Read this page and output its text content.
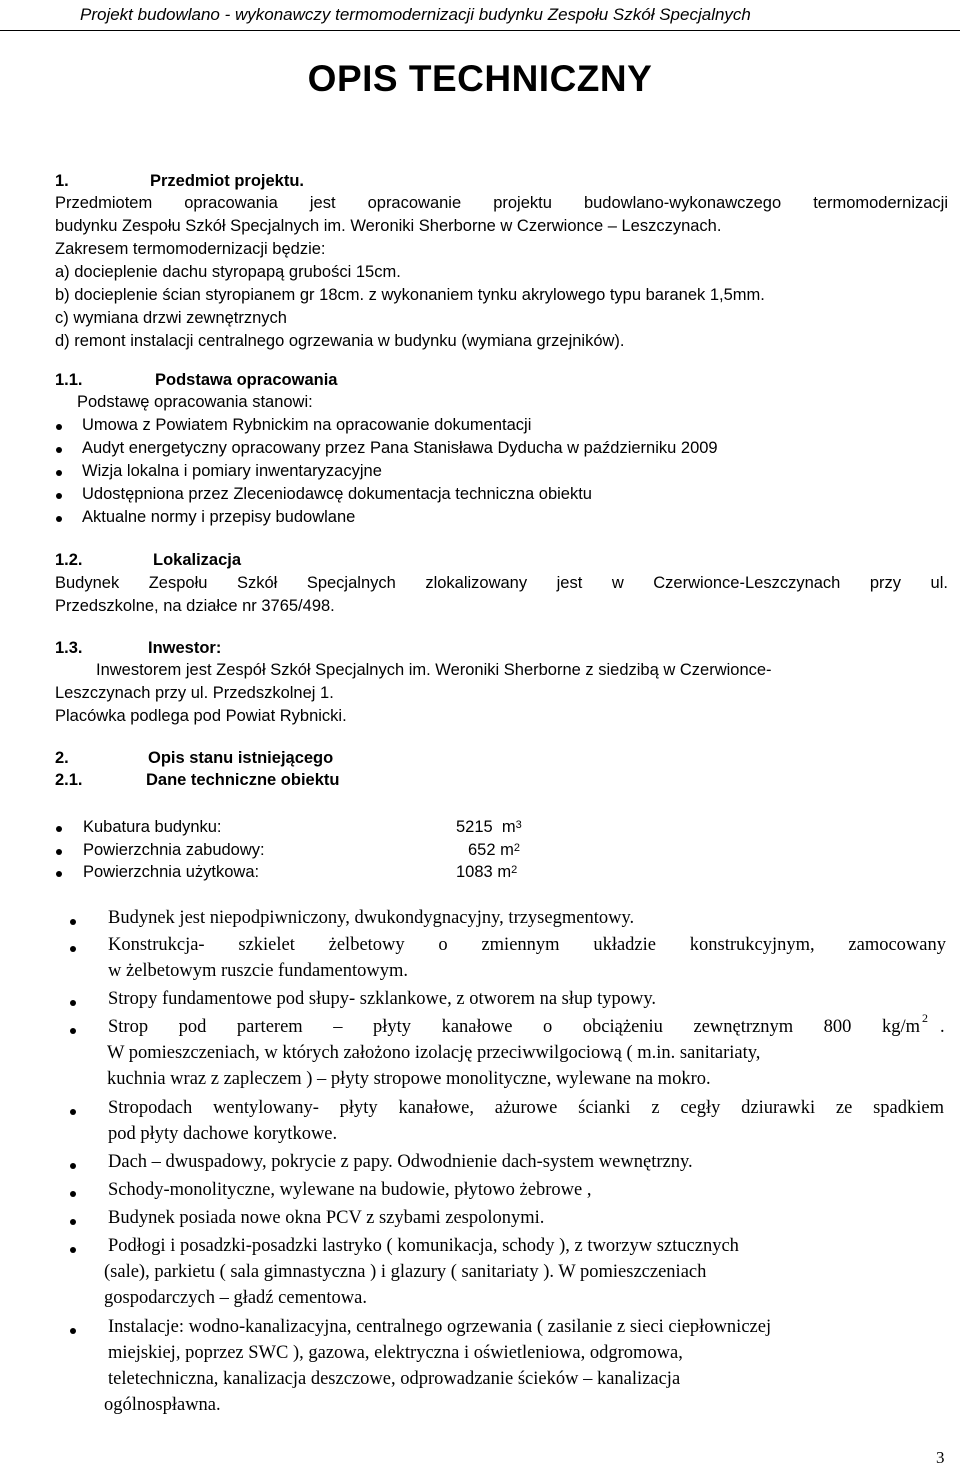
Projekt budowlano - wykonawczy termomodernizacji budynku Zespołu Szkół Specjalnych
OPIS TECHNICZNY
1.	Przedmiot projektu.
Przedmiotem opracowania jest opracowanie projektu budowlano-wykonawczego termomodernizacji
budynku Zespołu Szkół Specjalnych im. Weroniki Sherborne w Czerwionce – Leszczynach.
Zakresem termomodernizacji będzie:
a) docieplenie dachu styropapą grubości 15cm.
b) docieplenie ścian styropianem gr 18cm. z wykonaniem tynku akrylowego typu baranek 1,5mm.
c) wymiana drzwi zewnętrznych
d) remont instalacji centralnego ogrzewania w budynku (wymiana grzejników).
1.1.	Podstawa opracowania
Podstawę opracowania stanowi:
Umowa z Powiatem Rybnickim na opracowanie dokumentacji
Audyt energetyczny opracowany przez Pana Stanisława Dyducha w październiku 2009
Wizja lokalna i pomiary inwentaryzacyjne
Udostępniona przez Zleceniodawcę dokumentacja techniczna obiektu
Aktualne normy i przepisy budowlane
1.2.	Lokalizacja
Budynek Zespołu Szkół Specjalnych zlokalizowany jest w Czerwionce-Leszczynach przy ul.
Przedszkolne, na działce nr 3765/498.
1.3.	Inwestor:
Inwestorem jest Zespół Szkół Specjalnych im. Weroniki Sherborne z siedzibą w Czerwionce-
Leszczynach przy ul. Przedszkolnej 1.
Placówka podlega pod Powiat Rybnicki.
2.	Opis stanu istniejącego
2.1.	Dane techniczne obiektu
Kubatura budynku:	5215 $m^3$
Powierzchnia zabudowy:	652 $m^2$
Powierzchnia użytkowa:	1083 $m^2$
Budynek jest niepodpiwniczony, dwukondygnacyjny, trzysegmentowy.
Konstrukcja- szkielet żelbetowy o zmiennym układzie konstrukcyjnym, zamocowany
w żelbetowym ruszcie fundamentowym.
Stropy fundamentowe pod słupy- szklankowe, z otworem na słup typowy.
Strop pod parterem – płyty kanałowe o obciążeniu zewnętrznym 800 kg/m 2 .
W pomieszczeniach, w których założono izolację przeciwwilgociową ( m.in. sanitariaty,
kuchnia wraz z zapleczem ) – płyty stropowe monolityczne, wylewane na mokro.
Stropodach wentylowany- płyty kanałowe, ażurowe ścianki z cegły dziurawki ze spadkiem
pod płyty dachowe korytkowe.
Dach – dwuspadowy, pokrycie z papy. Odwodnienie dach-system wewnętrzny.
Schody-monolityczne, wylewane na budowie, płytowo żebrowe ,
Budynek posiada nowe okna PCV z szybami zespolonymi.
Podłogi i posadzki-posadzki lastryko ( komunikacja, schody ), z tworzyw sztucznych
(sale), parkietu ( sala gimnastyczna ) i glazury ( sanitariaty ). W pomieszczeniach
gospodarczych – gładź cementowa.
Instalacje: wodno-kanalizacyjna, centralnego ogrzewania ( zasilanie z sieci ciepłowniczej
miejskiej, poprzez SWC ), gazowa, elektryczna i oświetleniowa, odgromowa,
teletechniczna, kanalizacja deszczowe, odprowadzanie ścieków – kanalizacja
ogólnospławna.
3
